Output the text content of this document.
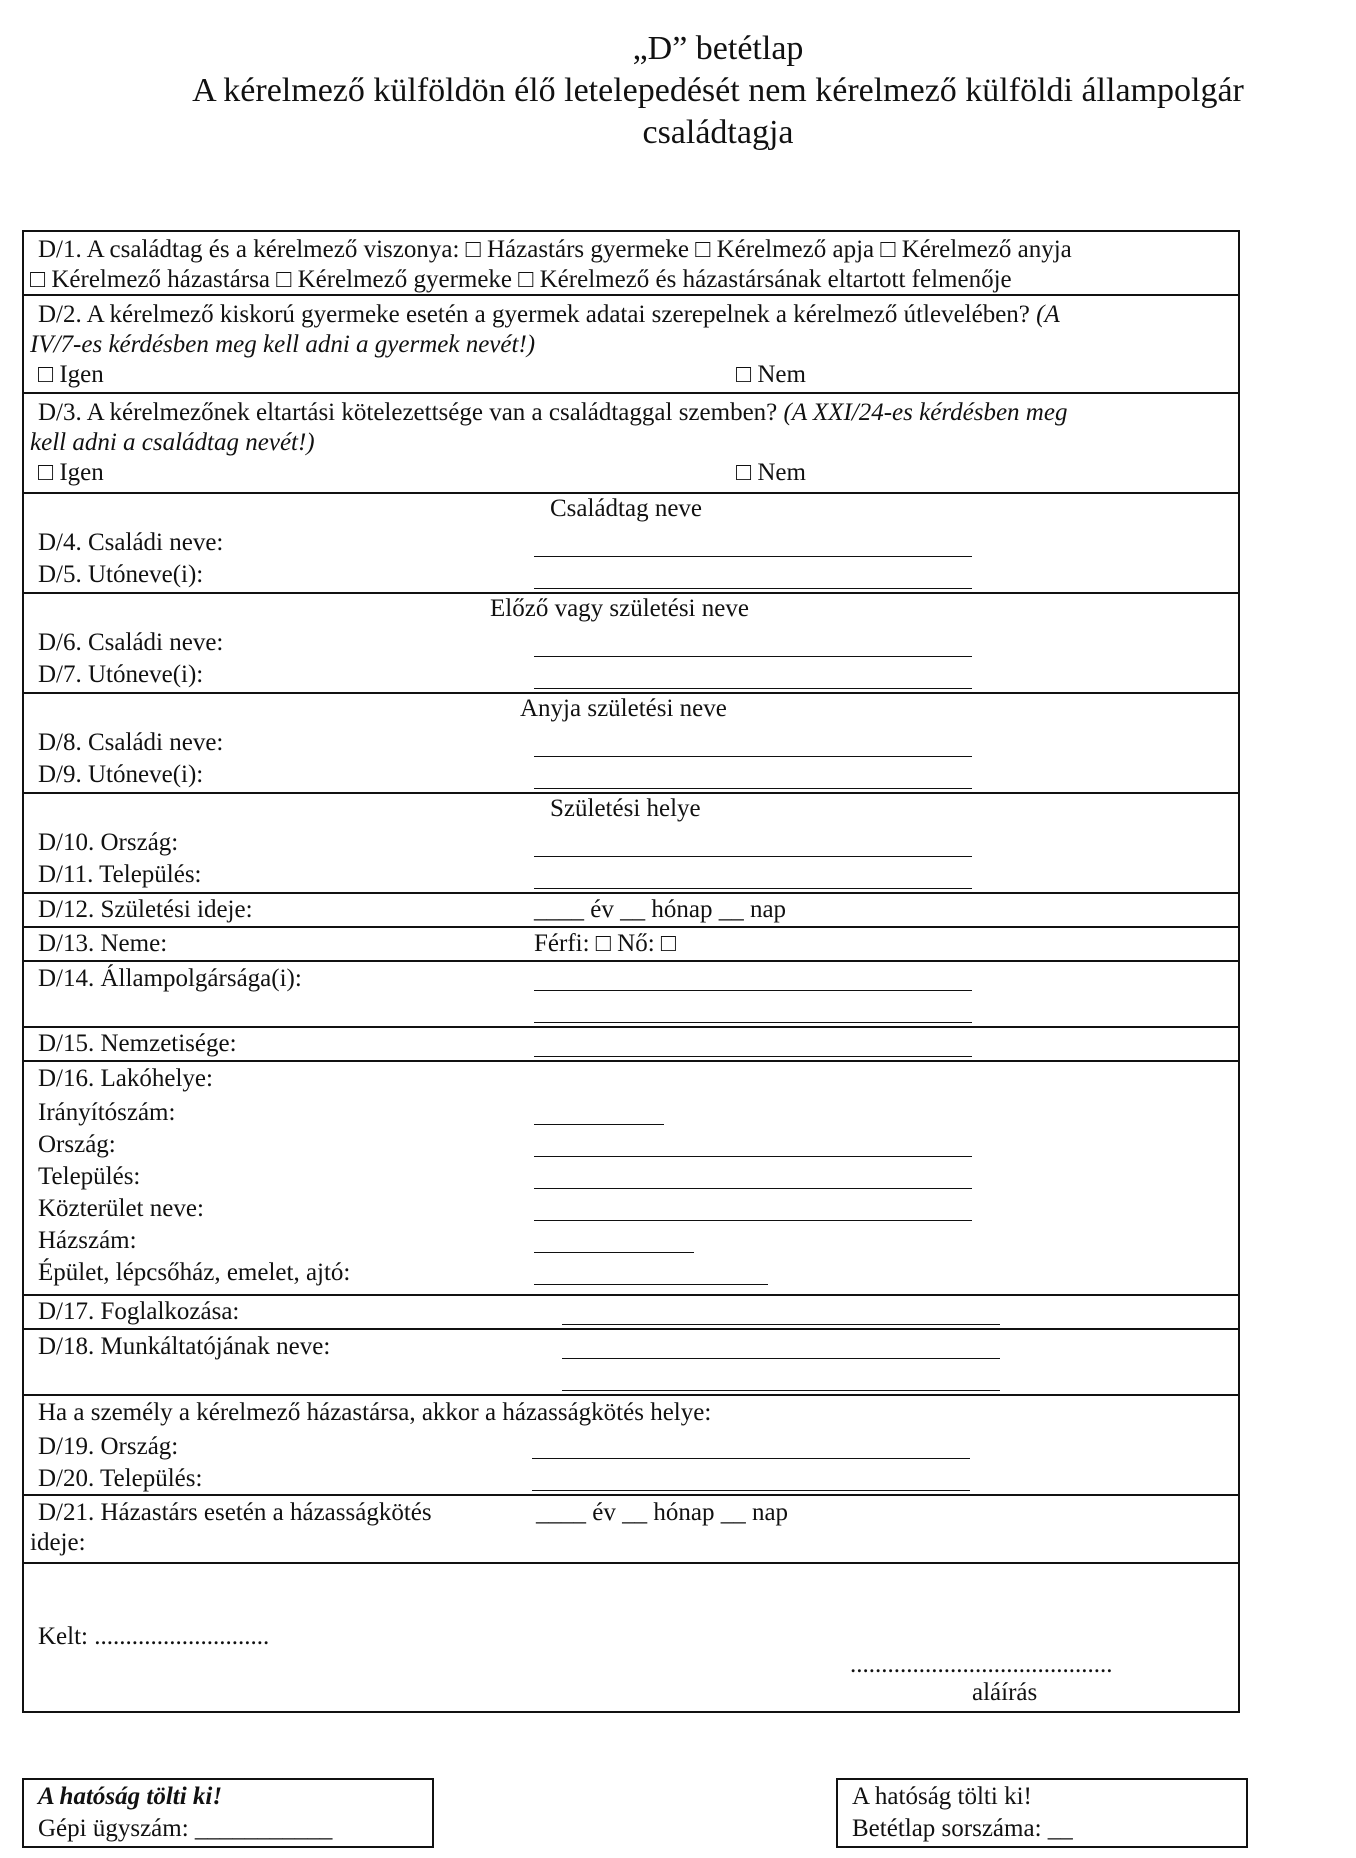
„D” betétlap
A kérelmező külföldön élő letelepedését nem kérelmező külföldi állampolgár
családtagja
D/1. A családtag és a kérelmező viszonya: □ Házastárs gyermeke □ Kérelmező apja □ Kérelmező anyja
□ Kérelmező házastársa □ Kérelmező gyermeke □ Kérelmező és házastársának eltartott felmenője
D/2. A kérelmező kiskorú gyermeke esetén a gyermek adatai szerepelnek a kérelmező útlevelében? (A
IV/7-es kérdésben meg kell adni a gyermek nevét!)
□ Igen	□ Nem
D/3. A kérelmezőnek eltartási kötelezettsége van a családtaggal szemben? (A XXI/24-es kérdésben meg
kell adni a családtag nevét!)
□ Igen	□ Nem
Családtag neve
D/4. Családi neve:
D/5. Utóneve(i):
Előző vagy születési neve
D/6. Családi neve:
D/7. Utóneve(i):
Anyja születési neve
D/8. Családi neve:
D/9. Utóneve(i):
Születési helye
D/10. Ország:
D/11. Település:
D/12. Születési ideje:	____ év __ hónap __ nap
D/13. Neme:	Férfi: □ Nő: □
D/14. Állampolgársága(i):
D/15. Nemzetisége:
D/16. Lakóhelye:
Irányítószám:
Ország:
Település:
Közterület neve:
Házszám:
Épület, lépcsőház, emelet, ajtó:
D/17. Foglalkozása:
D/18. Munkáltatójának neve:
Ha a személy a kérelmező házastársa, akkor a házasságkötés helye:
D/19. Ország:
D/20. Település:
D/21. Házastárs esetén a házasságkötés
ideje:
____ év __ hónap __ nap
Kelt: ............................
..........................................
aláírás
A hatóság tölti ki!
Gépi ügyszám: ___________
A hatóság tölti ki!
Betétlap sorszáma: __
